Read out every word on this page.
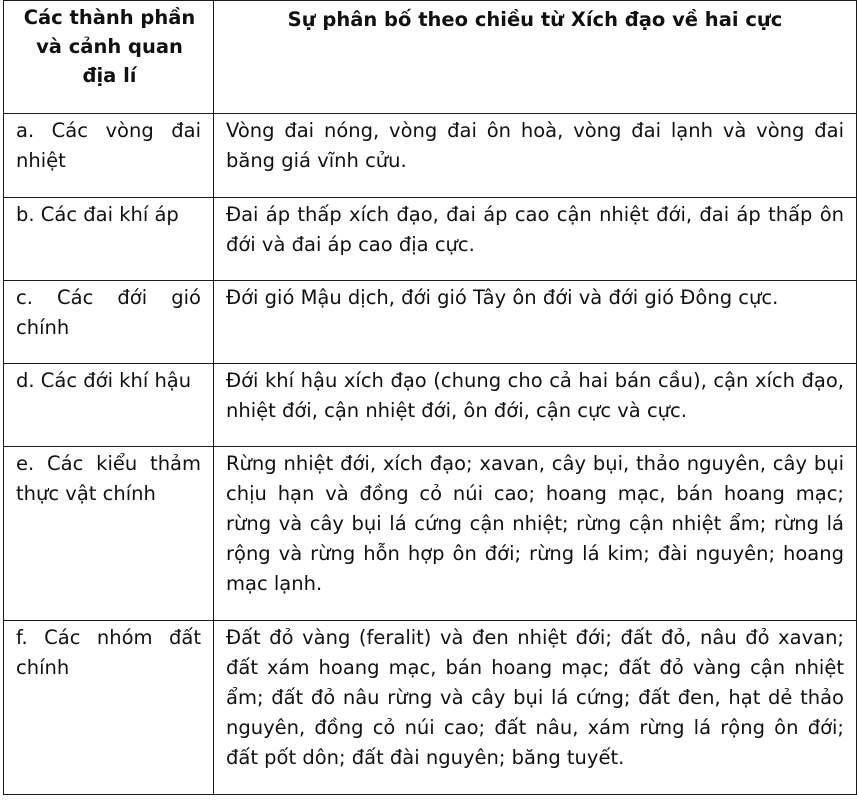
Các thành phần và cảnh quan địa lí	Sự phân bố theo chiều từ Xích đạo về hai cực
a. Các vòng đai nhiệt	Vòng đai nóng, vòng đai ôn hoà, vòng đai lạnh và vòng đai băng giá vĩnh cửu.
b. Các đai khí áp	Đai áp thấp xích đạo, đai áp cao cận nhiệt đới, đai áp thấp ôn đới và đai áp cao địa cực.
c. Các đới gió chính	Đới gió Mậu dịch, đới gió Tây ôn đới và đới gió Đông cực.
d. Các đới khí hậu	Đới khí hậu xích đạo (chung cho cả hai bán cầu), cận xích đạo, nhiệt đới, cận nhiệt đới, ôn đới, cận cực và cực.
e. Các kiểu thảm thực vật chính	Rừng nhiệt đới, xích đạo; xavan, cây bụi, thảo nguyên, cây bụi chịu hạn và đồng cỏ núi cao; hoang mạc, bán hoang mạc; rừng và cây bụi lá cứng cận nhiệt; rừng cận nhiệt ẩm; rừng lá rộng và rừng hỗn hợp ôn đới; rừng lá kim; đài nguyên; hoang mạc lạnh.
f. Các nhóm đất chính	Đất đỏ vàng (feralit) và đen nhiệt đới; đất đỏ, nâu đỏ xavan; đất xám hoang mạc, bán hoang mạc; đất đỏ vàng cận nhiệt ẩm; đất đỏ nâu rừng và cây bụi lá cứng; đất đen, hạt dẻ thảo nguyên, đồng cỏ núi cao; đất nâu, xám rừng lá rộng ôn đới; đất pốt dôn; đất đài nguyên; băng tuyết.
